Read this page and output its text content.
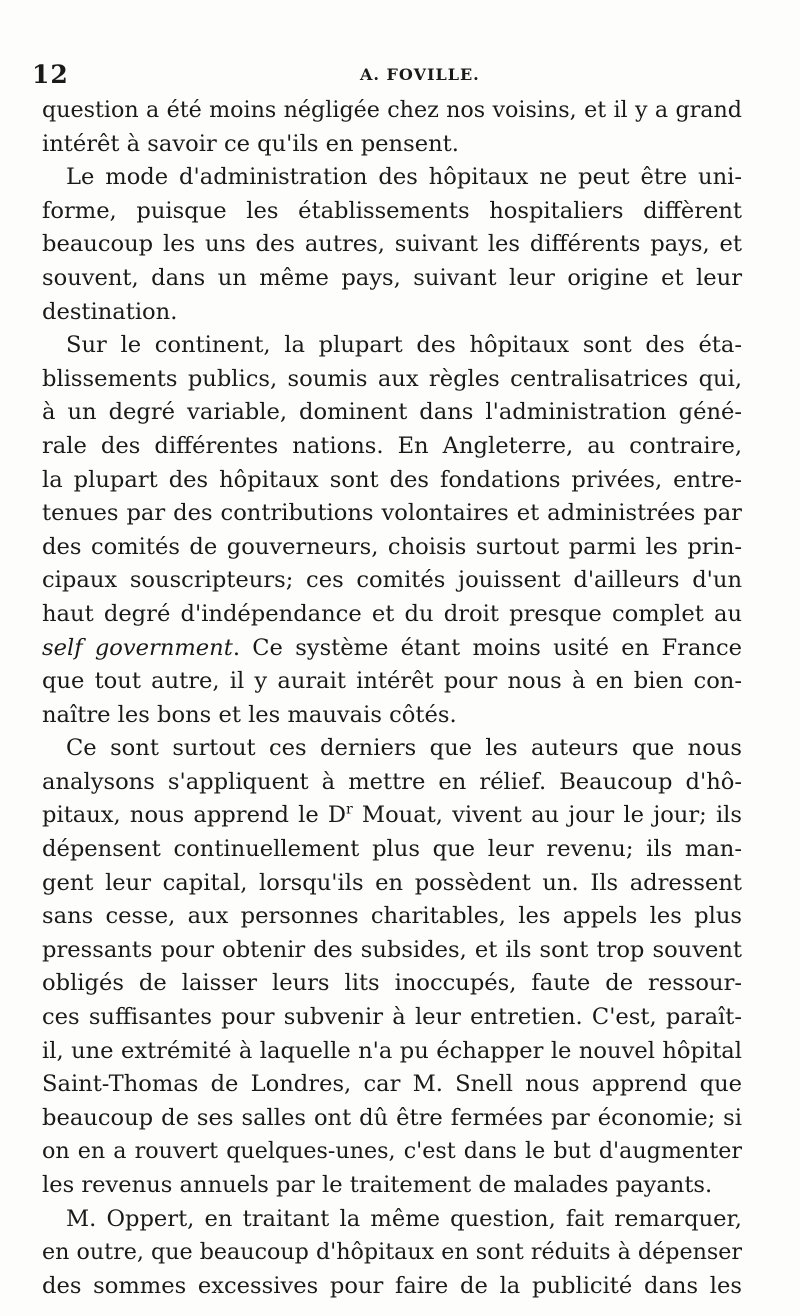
12	A. FOVILLE.

question a été moins négligée chez nos voisins, et il y a grand
intérêt à savoir ce qu'ils en pensent.

Le mode d'administration des hôpitaux ne peut être uni-
forme, puisque les établissements hospitaliers diffèrent
beaucoup les uns des autres, suivant les différents pays, et
souvent, dans un même pays, suivant leur origine et leur
destination.

Sur le continent, la plupart des hôpitaux sont des éta-
blissements publics, soumis aux règles centralisatrices qui,
à un degré variable, dominent dans l'administration géné-
rale des différentes nations. En Angleterre, au contraire,
la plupart des hôpitaux sont des fondations privées, entre-
tenues par des contributions volontaires et administrées par
des comités de gouverneurs, choisis surtout parmi les prin-
cipaux souscripteurs; ces comités jouissent d'ailleurs d'un
haut degré d'indépendance et du droit presque complet au
self government. Ce système étant moins usité en France
que tout autre, il y aurait intérêt pour nous à en bien con-
naître les bons et les mauvais côtés.

Ce sont surtout ces derniers que les auteurs que nous
analysons s'appliquent à mettre en rélief. Beaucoup d'hô-
pitaux, nous apprend le $D^r$ Mouat, vivent au jour le jour; ils
dépensent continuellement plus que leur revenu; ils man-
gent leur capital, lorsqu'ils en possèdent un. Ils adressent
sans cesse, aux personnes charitables, les appels les plus
pressants pour obtenir des subsides, et ils sont trop souvent
obligés de laisser leurs lits inoccupés, faute de ressour-
ces suffisantes pour subvenir à leur entretien. C'est, paraît-
il, une extrémité à laquelle n'a pu échapper le nouvel hôpital
Saint-Thomas de Londres, car M. Snell nous apprend que
beaucoup de ses salles ont dû être fermées par économie; si
on en a rouvert quelques-unes, c'est dans le but d'augmenter
les revenus annuels par le traitement de malades payants.

M. Oppert, en traitant la même question, fait remarquer,
en outre, que beaucoup d'hôpitaux en sont réduits à dépenser
des sommes excessives pour faire de la publicité dans les
